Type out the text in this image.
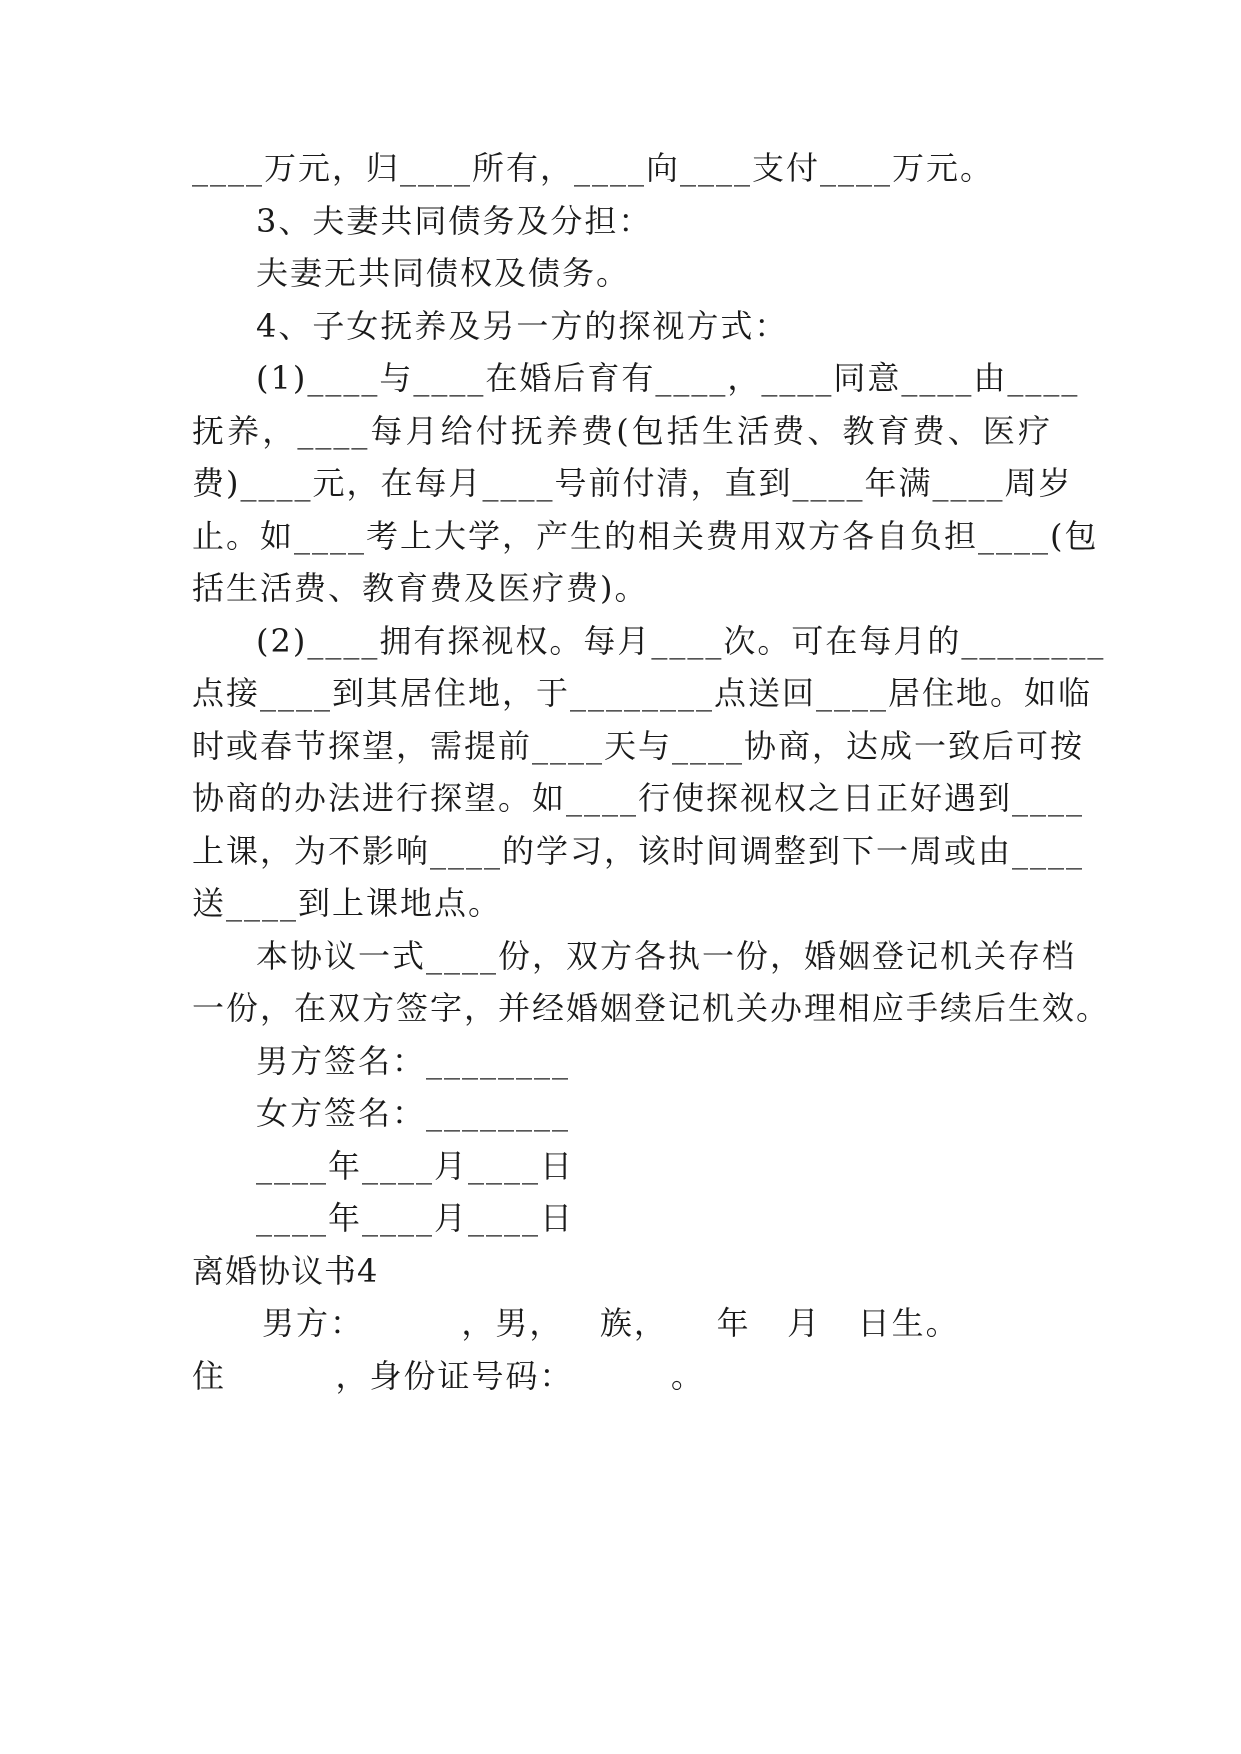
____万元，归____所有，____向____支付____万元。
3、夫妻共同债务及分担：
夫妻无共同债权及债务。
4、子女抚养及另一方的探视方式：
(1)____与____在婚后育有____，____同意____由____
抚养，____每月给付抚养费(包括生活费、教育费、医疗
费)____元，在每月____号前付清，直到____年满____周岁
止。如____考上大学，产生的相关费用双方各自负担____(包
括生活费、教育费及医疗费)。
(2)____拥有探视权。每月____次。可在每月的________
点接____到其居住地，于________点送回____居住地。如临
时或春节探望，需提前____天与____协商，达成一致后可按
协商的办法进行探望。如____行使探视权之日正好遇到____
上课，为不影响____的学习，该时间调整到下一周或由____
送____到上课地点。
本协议一式____份，双方各执一份，婚姻登记机关存档
一份，在双方签字，并经婚姻登记机关办理相应手续后生效。
男方签名：________
女方签名：________
____年____月____日
____年____月____日
离婚协议书4
男方：        ，男，   族，    年   月   日生。
住         ，身份证号码：        。
